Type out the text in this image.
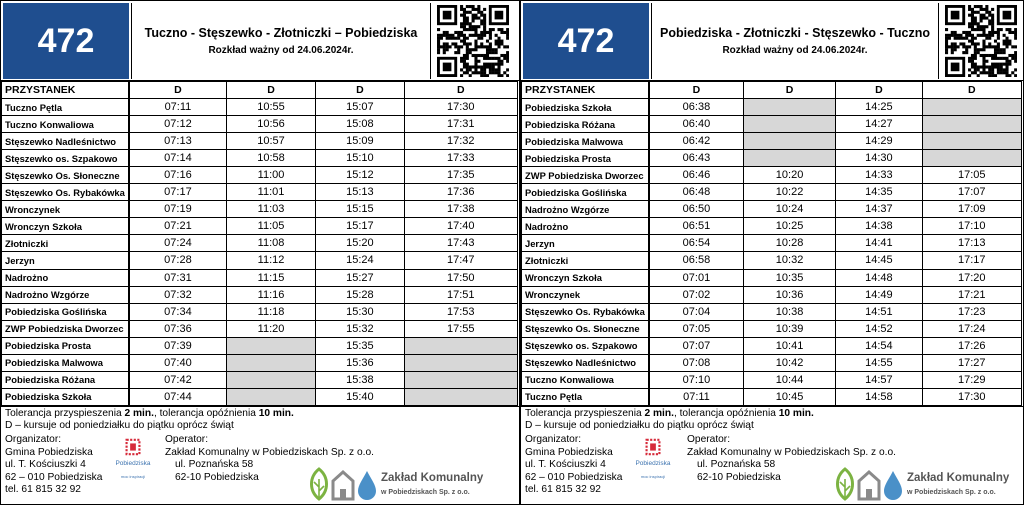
472	Tuczno - Stęszewko - Złotniczki – Pobiedziska
Rozkład ważny od 24.06.2024r.
PRZYSTANEK	D	D	D	D
Tuczno Pętla	07:11	10:55	15:07	17:30
Tuczno Konwaliowa	07:12	10:56	15:08	17:31
Stęszewko Nadleśnictwo	07:13	10:57	15:09	17:32
Stęszewko os. Szpakowo	07:14	10:58	15:10	17:33
Stęszewko Os. Słoneczne	07:16	11:00	15:12	17:35
Stęszewko Os. Rybakówka	07:17	11:01	15:13	17:36
Wronczynek	07:19	11:03	15:15	17:38
Wronczyn Szkoła	07:21	11:05	15:17	17:40
Złotniczki	07:24	11:08	15:20	17:43
Jerzyn	07:28	11:12	15:24	17:47
Nadrożno	07:31	11:15	15:27	17:50
Nadrożno Wzgórze	07:32	11:16	15:28	17:51
Pobiedziska Goślińska	07:34	11:18	15:30	17:53
ZWP Pobiedziska Dworzec	07:36	11:20	15:32	17:55
Pobiedziska Prosta	07:39		15:35	
Pobiedziska Malwowa	07:40		15:36	
Pobiedziska Różana	07:42		15:38	
Pobiedziska Szkoła	07:44		15:40	
Tolerancja przyspieszenia 2 min., tolerancja opóźnienia 10 min.
D – kursuje od poniedziałku do piątku oprócz świąt
Organizator:
Gmina Pobiedziska
ul. T. Kościuszki 4
62 – 010 Pobiedziska
tel. 61 815 32 92
Pobiedziska
moc inspiracji
Operator:
Zakład Komunalny w Pobiedziskach Sp. z o.o.
ul. Poznańska 58
62-10 Pobiedziska	Zakład Komunalny
w Pobiedziskach Sp. z o.o.
472	Pobiedziska - Złotniczki - Stęszewko - Tuczno
Rozkład ważny od 24.06.2024r.
PRZYSTANEK	D	D	D	D
Pobiedziska Szkoła	06:38		14:25	
Pobiedziska Różana	06:40		14:27	
Pobiedziska Malwowa	06:42		14:29	
Pobiedziska Prosta	06:43		14:30	
ZWP Pobiedziska Dworzec	06:46	10:20	14:33	17:05
Pobiedziska Goślińska	06:48	10:22	14:35	17:07
Nadrożno Wzgórze	06:50	10:24	14:37	17:09
Nadrożno	06:51	10:25	14:38	17:10
Jerzyn	06:54	10:28	14:41	17:13
Złotniczki	06:58	10:32	14:45	17:17
Wronczyn Szkoła	07:01	10:35	14:48	17:20
Wronczynek	07:02	10:36	14:49	17:21
Stęszewko Os. Rybakówka	07:04	10:38	14:51	17:23
Stęszewko Os. Słoneczne	07:05	10:39	14:52	17:24
Stęszewko os. Szpakowo	07:07	10:41	14:54	17:26
Stęszewko Nadleśnictwo	07:08	10:42	14:55	17:27
Tuczno Konwaliowa	07:10	10:44	14:57	17:29
Tuczno Pętla	07:11	10:45	14:58	17:30
Tolerancja przyspieszenia 2 min., tolerancja opóźnienia 10 min.
D – kursuje od poniedziałku do piątku oprócz świąt
Organizator:
Gmina Pobiedziska
ul. T. Kościuszki 4
62 – 010 Pobiedziska
tel. 61 815 32 92
Pobiedziska
moc inspiracji
Operator:
Zakład Komunalny w Pobiedziskach Sp. z o.o.
ul. Poznańska 58
62-10 Pobiedziska	Zakład Komunalny
w Pobiedziskach Sp. z o.o.
